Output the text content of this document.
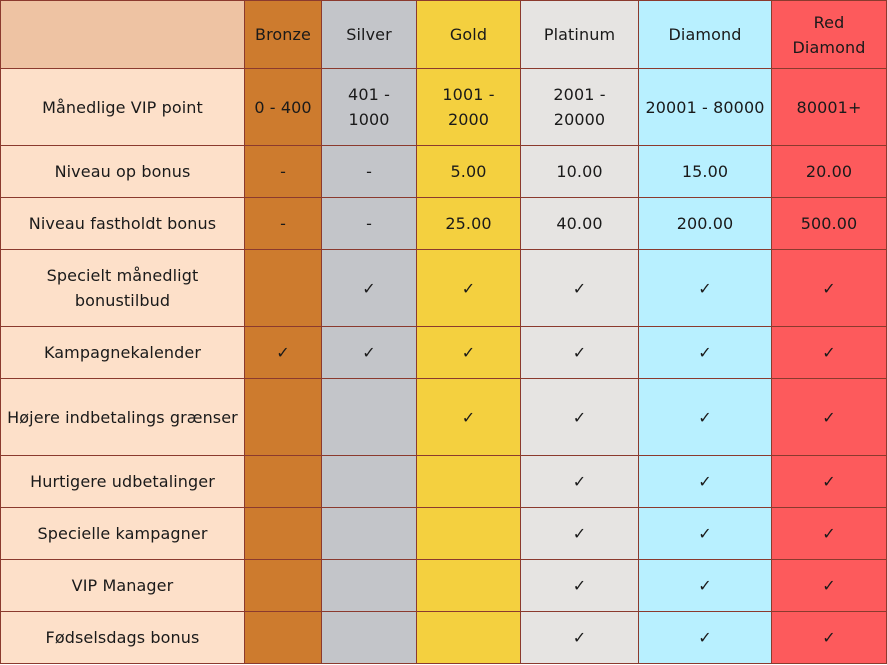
	Bronze	Silver	Gold	Platinum	Diamond	Red Diamond
Månedlige VIP point	0 - 400	401 - 1000	1001 - 2000	2001 - 20000	20001 - 80000	80001+
Niveau op bonus	-	-	5.00	10.00	15.00	20.00
Niveau fastholdt bonus	-	-	25.00	40.00	200.00	500.00
Specielt månedligt bonustilbud		✓	✓	✓	✓	✓
Kampagnekalender	✓	✓	✓	✓	✓	✓
Højere indbetalings grænser			✓	✓	✓	✓
Hurtigere udbetalinger				✓	✓	✓
Specielle kampagner				✓	✓	✓
VIP Manager				✓	✓	✓
Fødselsdags bonus				✓	✓	✓
